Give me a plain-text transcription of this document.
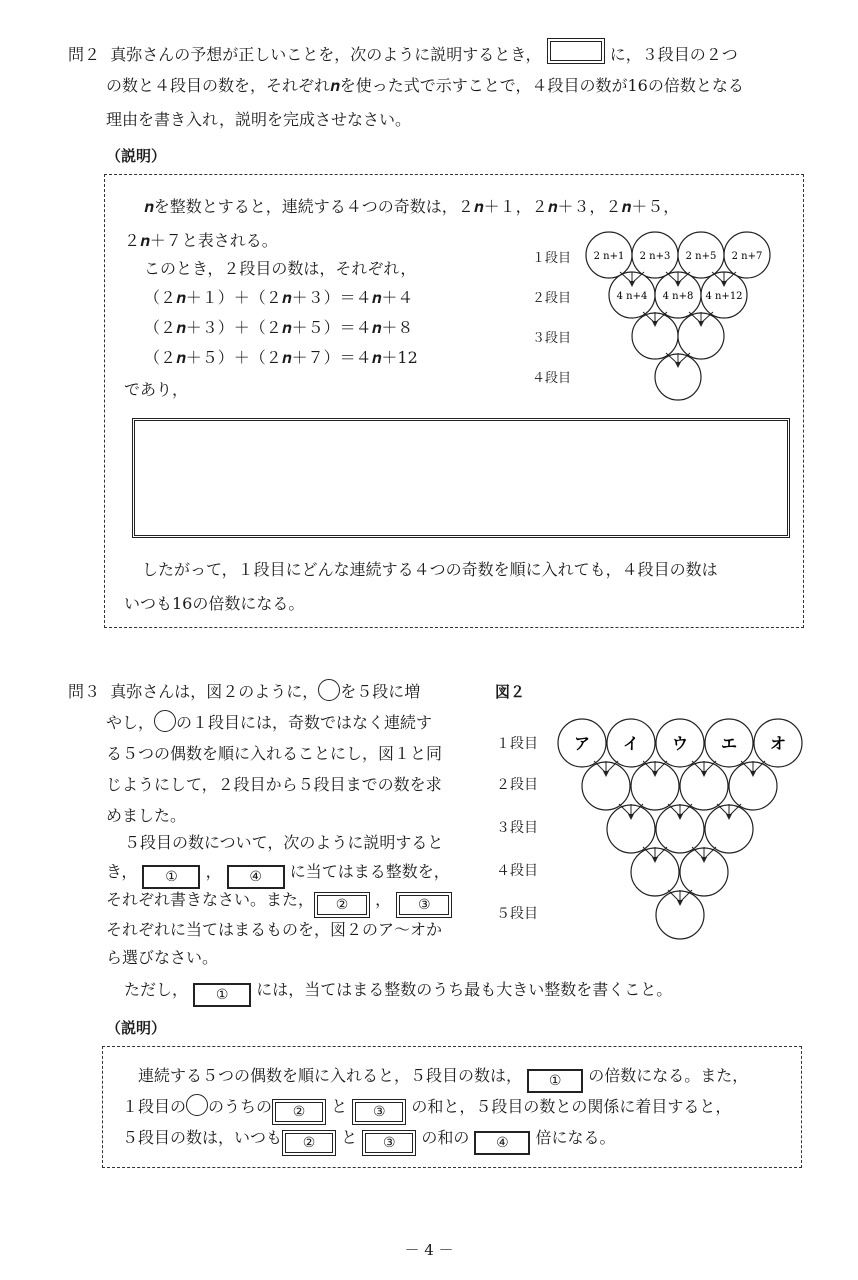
問２ 真弥さんの予想が正しいことを，次のように説明するとき，	に，３段目の２つ
の数と４段目の数を，それぞれ𝒏を使った式で示すことで，４段目の数が16の倍数となる
理由を書き入れ，説明を完成させなさい。
（説明）
𝒏を整数とすると，連続する４つの奇数は，２𝒏＋１，２𝒏＋３，２𝒏＋５，
２𝒏＋７と表される。
このとき，２段目の数は，それぞれ，
（２𝒏＋１）＋（２𝒏＋３）＝４𝒏＋４
（２𝒏＋３）＋（２𝒏＋５）＝４𝒏＋８
（２𝒏＋５）＋（２𝒏＋７）＝４𝒏＋12
であり，
１段目
２段目
３段目
４段目
2 n+1 2 n+3 2 n+5 2 n+7
4 n+4 4 n+8 4 n+12
したがって，１段目にどんな連続する４つの奇数を順に入れても，４段目の数は
いつも16の倍数になる。
問３ 真弥さんは，図２のように， を５段に増
やし， の１段目には，奇数ではなく連続す
る５つの偶数を順に入れることにし，図１と同
じようにして，２段目から５段目までの数を求
めました。
５段目の数について，次のように説明すると
き， ① ， ④ に当てはまる整数を，
それぞれ書きなさい。また， ② ， ③
それぞれに当てはまるものを，図２のア～オか
ら選びなさい。
ただし， ① には，当てはまる整数のうち最も大きい整数を書くこと。
図２
１段目
２段目
３段目
４段目
５段目
ア イ ウ エ オ
（説明）
連続する５つの偶数を順に入れると，５段目の数は， ① の倍数になる。また，
１段目の のうちの ② と ③ の和と，５段目の数との関係に着目すると，
５段目の数は，いつも ② と ③ の和の ④ 倍になる。
－ 4 －
